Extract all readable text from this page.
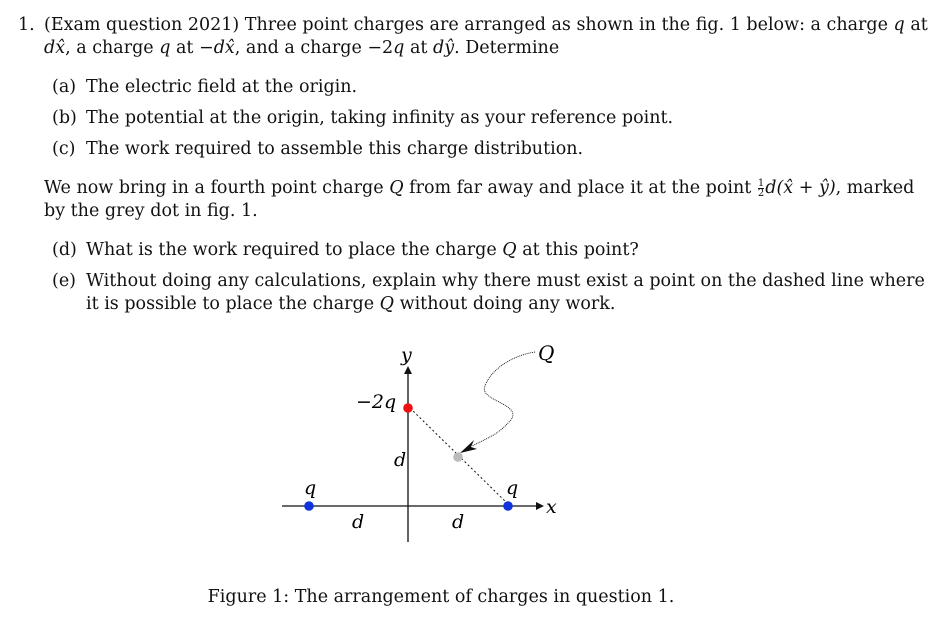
1. (Exam question 2021) Three point charges are arranged as shown in the fig. 1 below: a charge q at
dx̂, a charge q at −dx̂, and a charge −2q at dŷ. Determine
(a) The electric field at the origin.
(b) The potential at the origin, taking infinity as your reference point.
(c) The work required to assemble this charge distribution.
We now bring in a fourth point charge Q from far away and place it at the point $\frac{1}{2}$ d(x̂ + ŷ), marked
by the grey dot in fig. 1.
(d) What is the work required to place the charge Q at this point?
(e) Without doing any calculations, explain why there must exist a point on the dashed line where
it is possible to place the charge Q without doing any work.
y
x
Q
−2q
q	q
d
d	d
Figure 1: The arrangement of charges in question 1.
